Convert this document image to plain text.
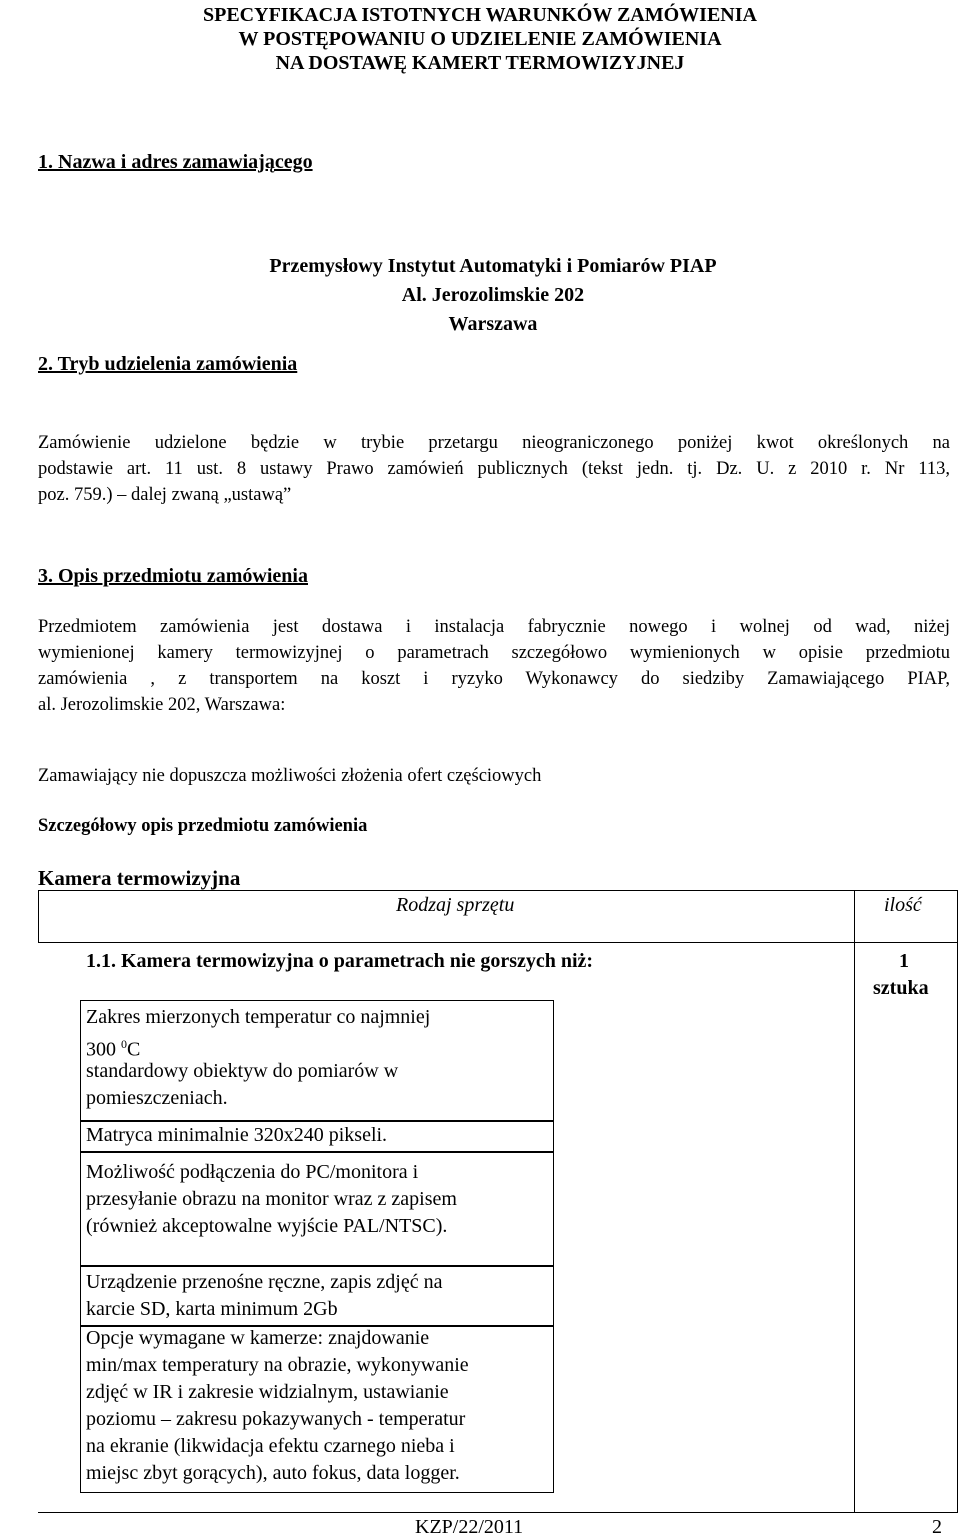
SPECYFIKACJA ISTOTNYCH WARUNKÓW ZAMÓWIENIA
W POSTĘPOWANIU O UDZIELENIE ZAMÓWIENIA
NA DOSTAWĘ KAMERT TERMOWIZYJNEJ
1. Nazwa i adres zamawiającego
Przemysłowy Instytut Automatyki i Pomiarów PIAP
Al. Jerozolimskie 202
Warszawa
2. Tryb udzielenia zamówienia
Zamówienie udzielone będzie w trybie przetargu nieograniczonego poniżej kwot określonych na
podstawie art. 11 ust. 8 ustawy Prawo zamówień publicznych (tekst jedn. tj. Dz. U. z 2010 r. Nr 113,
poz. 759.) – dalej zwaną „ustawą”
3. Opis przedmiotu zamówienia
Przedmiotem zamówienia jest dostawa i instalacja fabrycznie nowego i wolnej od wad, niżej
wymienionej kamery termowizyjnej o parametrach szczegółowo wymienionych w opisie przedmiotu
zamówienia , z transportem na koszt i ryzyko Wykonawcy do siedziby Zamawiającego PIAP,
al. Jerozolimskie 202, Warszawa:
Zamawiający nie dopuszcza możliwości złożenia ofert częściowych
Szczegółowy opis przedmiotu zamówienia
Kamera termowizyjna
Rodzaj sprzętu	ilość
1.1. Kamera termowizyjna o parametrach nie gorszych niż:	1
sztuka
Zakres mierzonych temperatur co najmniej
300 $^0$C
standardowy obiektyw do pomiarów w
pomieszczeniach.
Matryca minimalnie 320x240 pikseli.
Możliwość podłączenia do PC/monitora i
przesyłanie obrazu na monitor wraz z zapisem
(również akceptowalne wyjście PAL/NTSC).
Urządzenie przenośne ręczne, zapis zdjęć na
karcie SD, karta minimum 2Gb
Opcje wymagane w kamerze: znajdowanie
min/max temperatury na obrazie, wykonywanie
zdjęć w IR i zakresie widzialnym, ustawianie
poziomu – zakresu pokazywanych - temperatur
na ekranie (likwidacja efektu czarnego nieba i
miejsc zbyt gorących), auto fokus, data logger.
KZP/22/2011	2
